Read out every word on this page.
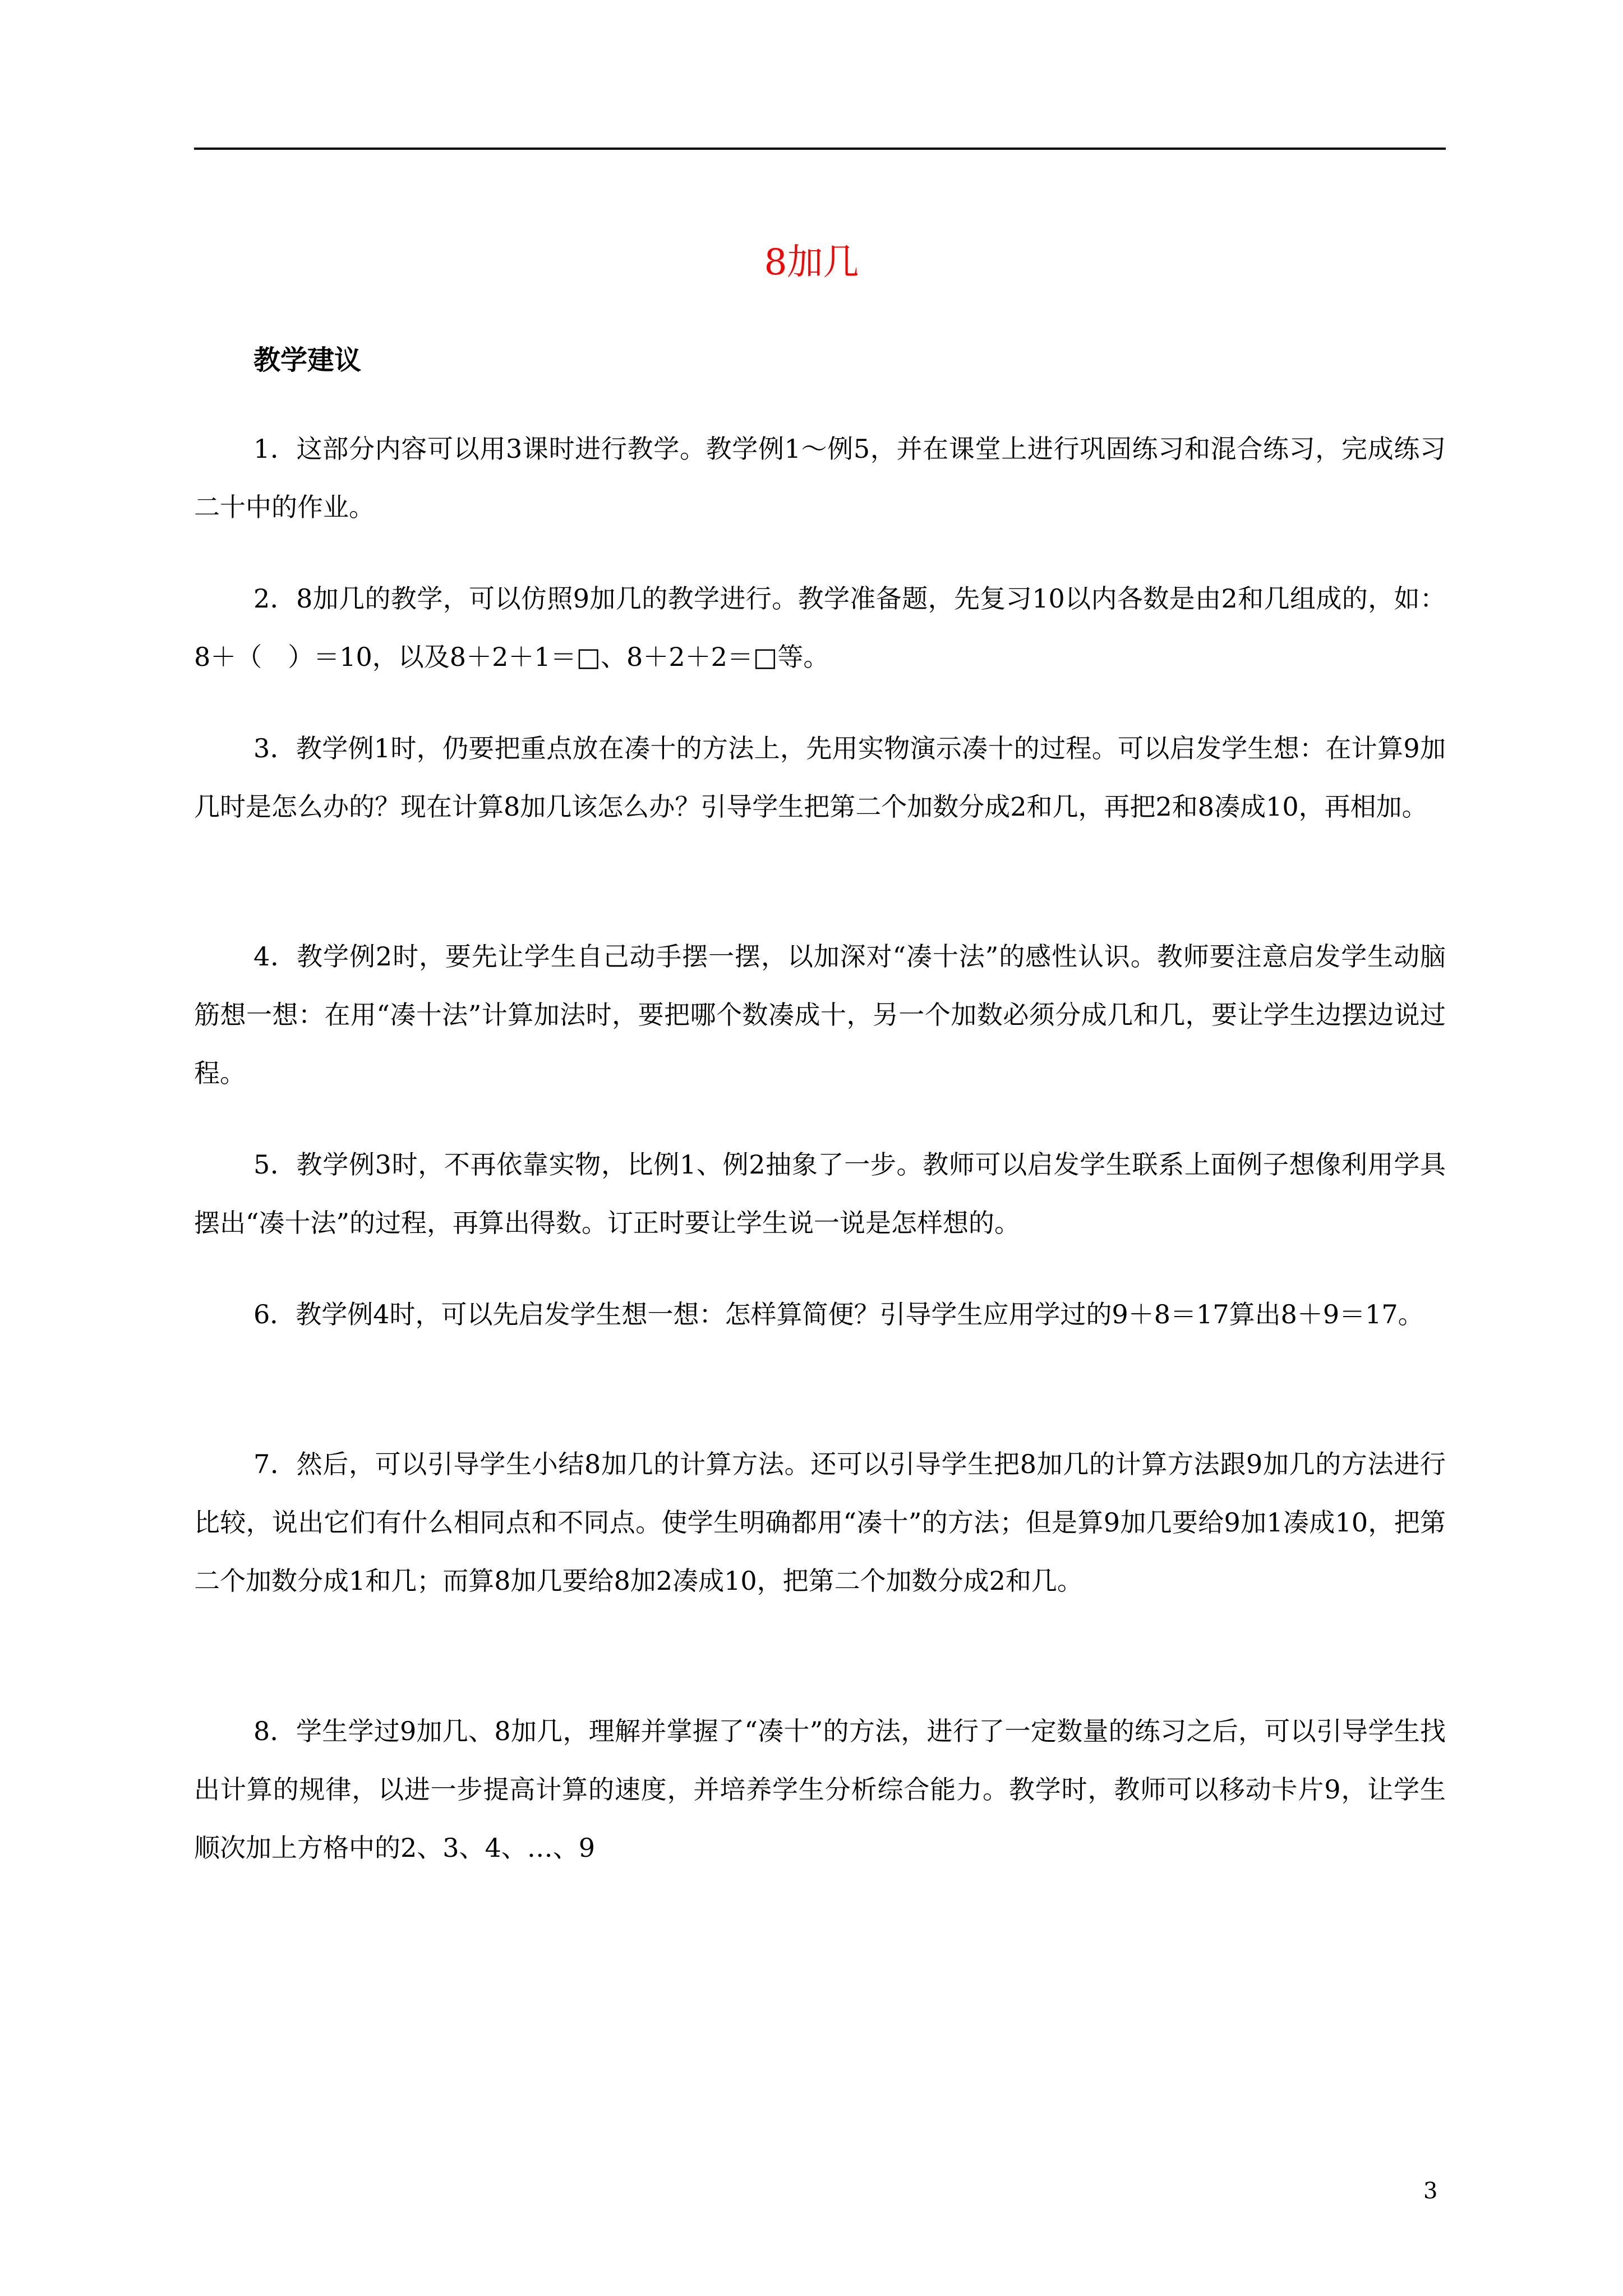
8加几
教学建议
1．这部分内容可以用3课时进行教学。教学例1～例5，并在课堂上进行巩固练习和混合练习，完成练习二十中的作业。
2．8加几的教学，可以仿照9加几的教学进行。教学准备题，先复习10以内各数是由2和几组成的，如：8＋（　）＝10，以及8＋2＋1＝□、8＋2＋2＝□等。
3．教学例1时，仍要把重点放在凑十的方法上，先用实物演示凑十的过程。可以启发学生想：在计算9加几时是怎么办的？现在计算8加几该怎么办？引导学生把第二个加数分成2和几，再把2和8凑成10，再相加。
4．教学例2时，要先让学生自己动手摆一摆，以加深对“凑十法”的感性认识。教师要注意启发学生动脑筋想一想：在用“凑十法”计算加法时，要把哪个数凑成十，另一个加数必须分成几和几，要让学生边摆边说过程。
5．教学例3时，不再依靠实物，比例1、例2抽象了一步。教师可以启发学生联系上面例子想像利用学具摆出“凑十法”的过程，再算出得数。订正时要让学生说一说是怎样想的。
6．教学例4时，可以先启发学生想一想：怎样算简便？引导学生应用学过的9＋8＝17算出8＋9＝17。
3
7．然后，可以引导学生小结8加几的计算方法。还可以引导学生把8加几的计算方法跟9加几的方法进行比较，说出它们有什么相同点和不同点。使学生明确都用“凑十”的方法；但是算9加几要给9加1凑成10，把第二个加数分成1和几；而算8加几要给8加2凑成10，把第二个加数分成2和几。
8．学生学过9加几、8加几，理解并掌握了“凑十”的方法，进行了一定数量的练习之后，可以引导学生找出计算的规律，以进一步提高计算的速度，并培养学生分析综合能力。教学时，教师可以移动卡片9，让学生顺次加上方格中的2、3、4、…、9
